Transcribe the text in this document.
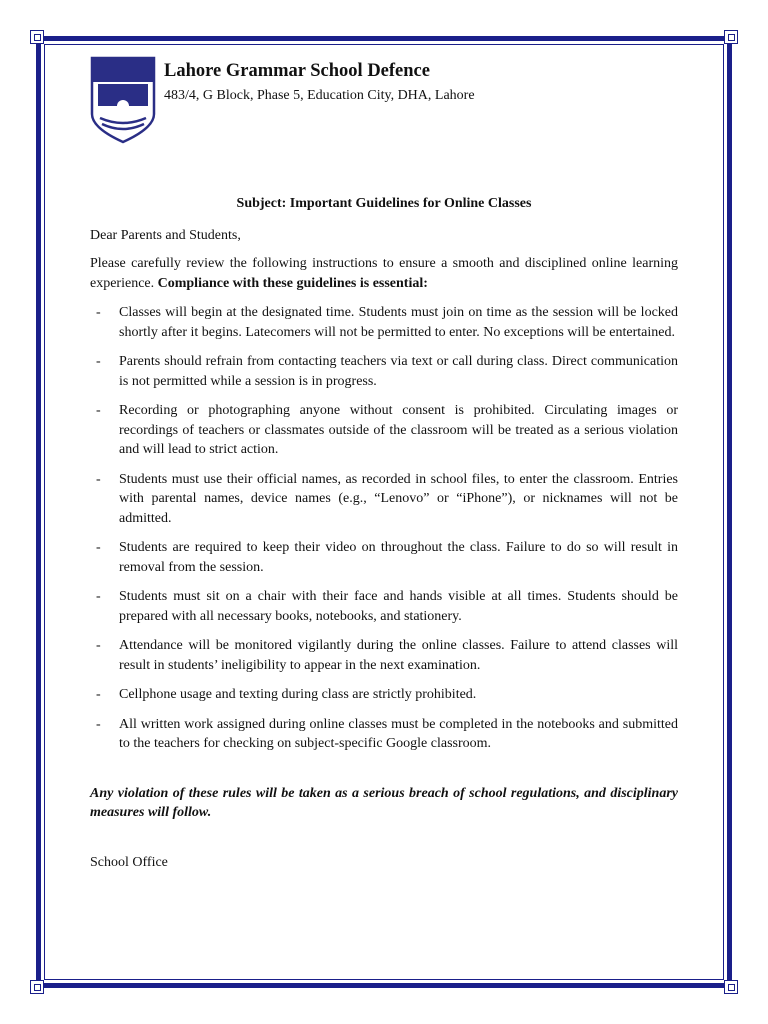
Lahore Grammar School Defence
483/4, G Block, Phase 5, Education City, DHA, Lahore
Subject: Important Guidelines for Online Classes
Dear Parents and Students,

Please carefully review the following instructions to ensure a smooth and disciplined online learning experience. Compliance with these guidelines is essential:

- Classes will begin at the designated time. Students must join on time as the session will be locked shortly after it begins. Latecomers will not be permitted to enter. No exceptions will be entertained.
- Parents should refrain from contacting teachers via text or call during class. Direct communication is not permitted while a session is in progress.
- Recording or photographing anyone without consent is prohibited. Circulating images or recordings of teachers or classmates outside of the classroom will be treated as a serious violation and will lead to strict action.
- Students must use their official names, as recorded in school files, to enter the classroom. Entries with parental names, device names (e.g., “Lenovo” or “iPhone”), or nicknames will not be admitted.
- Students are required to keep their video on throughout the class. Failure to do so will result in removal from the session.
- Students must sit on a chair with their face and hands visible at all times. Students should be prepared with all necessary books, notebooks, and stationery.
- Attendance will be monitored vigilantly during the online classes. Failure to attend classes will result in students’ ineligibility to appear in the next examination.
- Cellphone usage and texting during class are strictly prohibited.
- All written work assigned during online classes must be completed in the notebooks and submitted to the teachers for checking on subject-specific Google classroom.
Any violation of these rules will be taken as a serious breach of school regulations, and disciplinary measures will follow.
School Office
